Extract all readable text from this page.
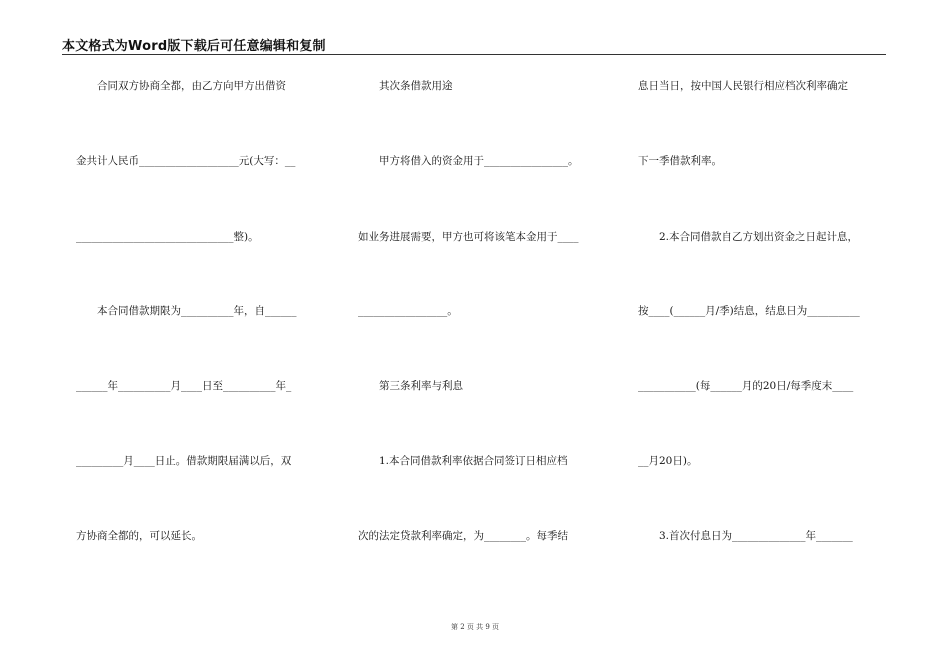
本文格式为Word版下载后可任意编辑和复制
　　合同双方协商全都，由乙方向甲方出借资
金共计人民币___________________元(大写：__
______________________________整)。
　　本合同借款期限为__________年，自______
______年__________月____日至__________年_
_________月____日止。借款期限届满以后，双
方协商全都的，可以延长。
　　其次条借款用途
　　甲方将借入的资金用于________________。
如业务进展需要，甲方也可将该笔本金用于____
_________________。
　　第三条利率与利息
　　1.本合同借款利率依据合同签订日相应档
次的法定贷款利率确定，为________。每季结
息日当日，按中国人民银行相应档次利率确定
下一季借款利率。
　　2.本合同借款自乙方划出资金之日起计息，
按____(______月/季)结息，结息日为__________
___________(每______月的20日/每季度末____
__月20日)。
　　3.首次付息日为______________年_______
第 2 页 共 9 页
